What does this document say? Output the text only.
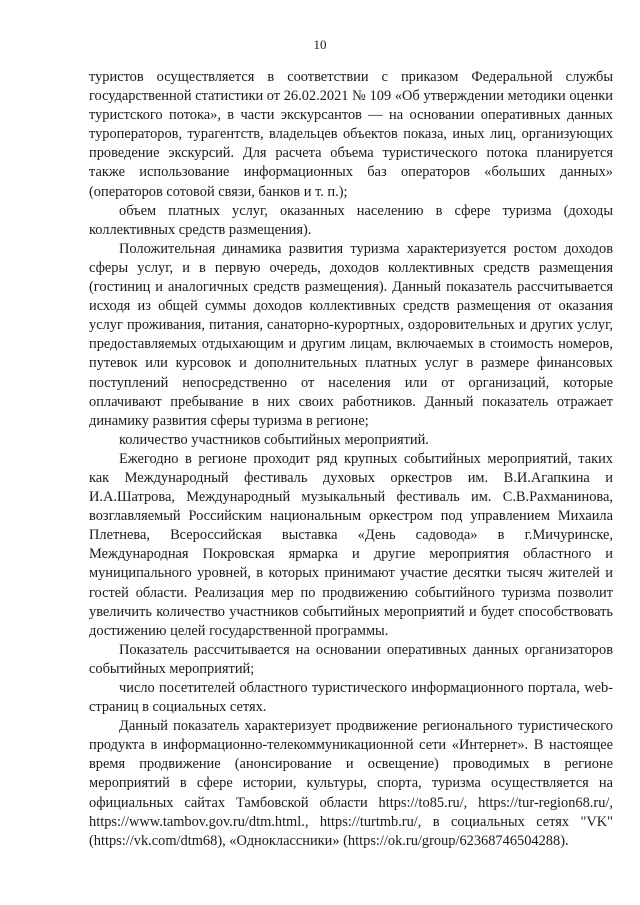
10

туристов осуществляется в соответствии с приказом Федеральной службы государственной статистики от 26.02.2021 № 109 «Об утверждении методики оценки туристского потока», в части экскурсантов — на основании оперативных данных туроператоров, турагентств, владельцев объектов показа, иных лиц, организующих проведение экскурсий. Для расчета объема туристического потока планируется также использование информационных баз операторов «больших данных» (операторов сотовой связи, банков и т. п.);

объем платных услуг, оказанных населению в сфере туризма (доходы коллективных средств размещения).

Положительная динамика развития туризма характеризуется ростом доходов сферы услуг, и в первую очередь, доходов коллективных средств размещения (гостиниц и аналогичных средств размещения). Данный показатель рассчитывается исходя из общей суммы доходов коллективных средств размещения от оказания услуг проживания, питания, санаторно-курортных, оздоровительных и других услуг, предоставляемых отдыхающим и другим лицам, включаемых в стоимость номеров, путевок или курсовок и дополнительных платных услуг в размере финансовых поступлений непосредственно от населения или от организаций, которые оплачивают пребывание в них своих работников. Данный показатель отражает динамику развития сферы туризма в регионе;

количество участников событийных мероприятий.

Ежегодно в регионе проходит ряд крупных событийных мероприятий, таких как Международный фестиваль духовых оркестров им. В.И.Агапкина и И.А.Шатрова, Международный музыкальный фестиваль им. С.В.Рахманинова, возглавляемый Российским национальным оркестром под управлением Михаила Плетнева, Всероссийская выставка «День садовода» в г.Мичуринске, Международная Покровская ярмарка и другие мероприятия областного и муниципального уровней, в которых принимают участие десятки тысяч жителей и гостей области. Реализация мер по продвижению событийного туризма позволит увеличить количество участников событийных мероприятий и будет способствовать достижению целей государственной программы.

Показатель рассчитывается на основании оперативных данных организаторов событийных мероприятий;

число посетителей областного туристического информационного портала, web-страниц в социальных сетях.

Данный показатель характеризует продвижение регионального туристического продукта в информационно-телекоммуникационной сети «Интернет». В настоящее время продвижение (анонсирование и освещение) проводимых в регионе мероприятий в сфере истории, культуры, спорта, туризма осуществляется на официальных сайтах Тамбовской области https://to85.ru/, https://tur-region68.ru/, https://www.tambov.gov.ru/dtm.html., https://turtmb.ru/, в социальных сетях "VK" (https://vk.com/dtm68), «Одноклассники» (https://ok.ru/group/62368746504288).
